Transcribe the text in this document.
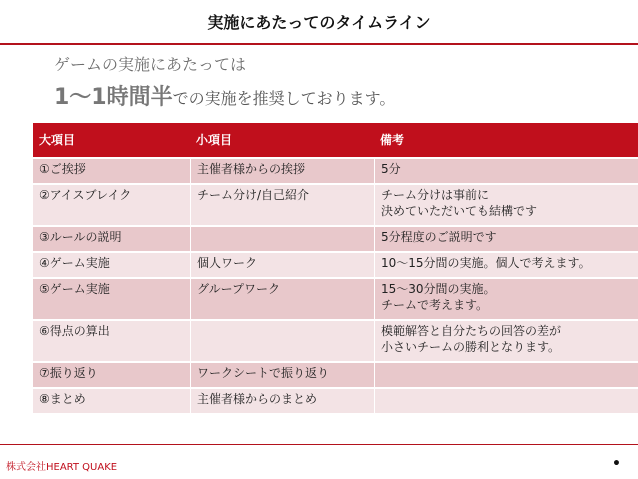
実施にあたってのタイムライン
ゲームの実施にあたっては
1〜1時間半での実施を推奨しております。
大項目	小項目	備考
①ご挨拶	主催者様からの挨拶	5分

②アイスブレイク	チーム分け/自己紹介	チーム分けは事前に
決めていただいても結構です

③ルールの説明		5分程度のご説明です

④ゲーム実施	個人ワーク	10〜15分間の実施。個人で考えます。

⑤ゲーム実施	グループワーク	15〜30分間の実施。
チームで考えます。

⑥得点の算出		模範解答と自分たちの回答の差が
小さいチームの勝利となります。

⑦振り返り	ワークシートで振り返り	
⑧まとめ	主催者様からのまとめ	
株式会社HEART QUAKE	•
